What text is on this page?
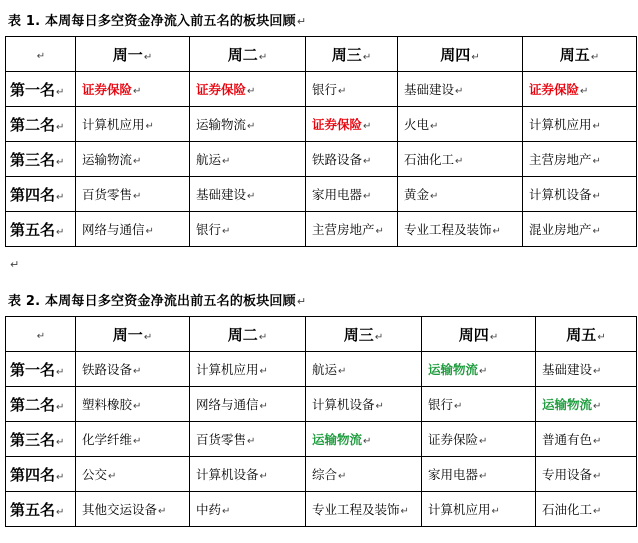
表 1. 本周每日多空资金净流入前五名的板块回顾↵
↵	周一↵	周二↵	周三↵	周四↵	周五↵
第一名↵	证券保险↵	证券保险↵	银行↵	基础建设↵	证券保险↵
第二名↵	计算机应用↵	运输物流↵	证券保险↵	火电↵	计算机应用↵
第三名↵	运输物流↵	航运↵	铁路设备↵	石油化工↵	主营房地产↵
第四名↵	百货零售↵	基础建设↵	家用电器↵	黄金↵	计算机设备↵
第五名↵	网络与通信↵	银行↵	主营房地产↵	专业工程及装饰↵	混业房地产↵
↵
表 2. 本周每日多空资金净流出前五名的板块回顾↵
↵	周一↵	周二↵	周三↵	周四↵	周五↵
第一名↵	铁路设备↵	计算机应用↵	航运↵	运输物流↵	基础建设↵
第二名↵	塑料橡胶↵	网络与通信↵	计算机设备↵	银行↵	运输物流↵
第三名↵	化学纤维↵	百货零售↵	运输物流↵	证券保险↵	普通有色↵
第四名↵	公交↵	计算机设备↵	综合↵	家用电器↵	专用设备↵
第五名↵	其他交运设备↵	中药↵	专业工程及装饰↵	计算机应用↵	石油化工↵
